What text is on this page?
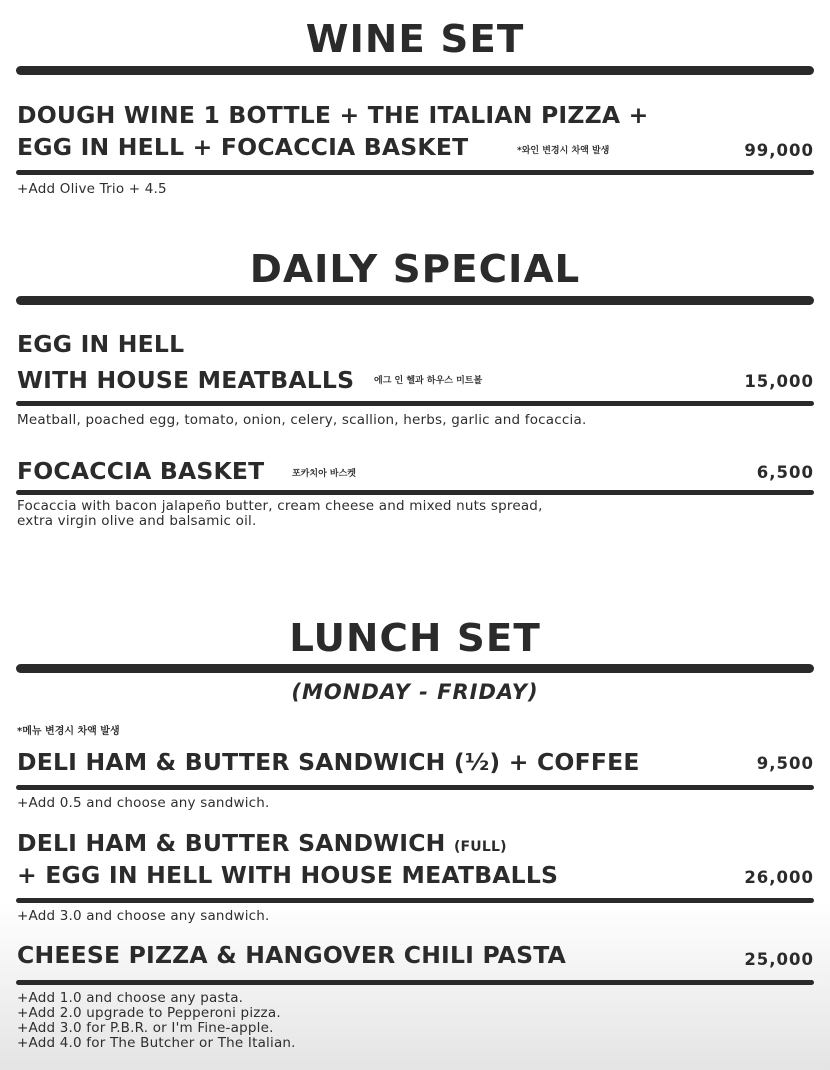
WINE SET
DOUGH WINE 1 BOTTLE + THE ITALIAN PIZZA +
EGG IN HELL + FOCACCIA BASKET	*와인 변경시 차액 발생	99,000
+Add Olive Trio + 4.5
DAILY SPECIAL
EGG IN HELL
WITH HOUSE MEATBALLS 에그 인 헬과 하우스 미트볼	15,000
Meatball, poached egg, tomato, onion, celery, scallion, herbs, garlic and focaccia.
FOCACCIA BASKET	포카치아 바스켓	6,500
Focaccia with bacon jalapeño butter, cream cheese and mixed nuts spread,
extra virgin olive and balsamic oil.
LUNCH SET
(MONDAY - FRIDAY)
*메뉴 변경시 차액 발생
DELI HAM & BUTTER SANDWICH (½) + COFFEE	9,500
+Add 0.5 and choose any sandwich.
DELI HAM & BUTTER SANDWICH (FULL)
+ EGG IN HELL WITH HOUSE MEATBALLS	26,000
+Add 3.0 and choose any sandwich.
CHEESE PIZZA & HANGOVER CHILI PASTA	25,000
+Add 1.0 and choose any pasta.
+Add 2.0 upgrade to Pepperoni pizza.
+Add 3.0 for P.B.R. or I'm Fine-apple.
+Add 4.0 for The Butcher or The Italian.
